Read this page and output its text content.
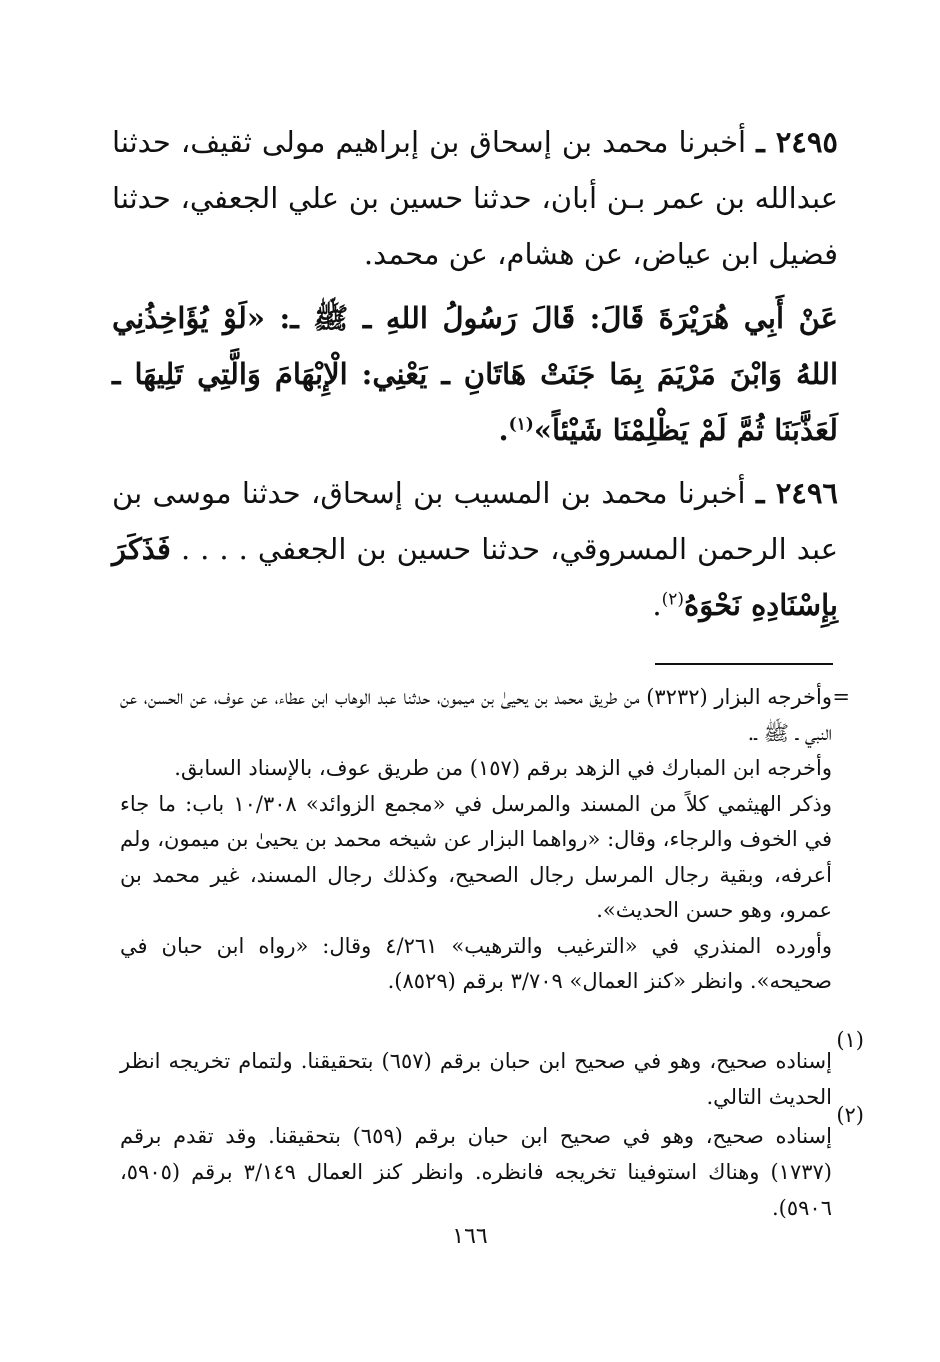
٢٤٩٥ ـ أخبرنا محمد بن إسحاق بن إبراهيم مولى ثقيف، حدثنا عبدالله بن عمر بـن أبان، حدثنا حسين بن علي الجعفي، حدثنا فضيل ابن عياض، عن هشام، عن محمد.

عَنْ أَبِي هُرَيْرَةَ قَالَ: قَالَ رَسُولُ اللهِ ـ ﷺ ـ: «لَوْ يُؤَاخِذُنِي اللهُ وَابْنَ مَرْيَمَ بِمَا جَنَتْ هَاتَانِ ـ يَعْنِي: الْإِبْهَامَ وَالَّتِي تَلِيهَا ـ لَعَذَّبَنَا ثُمَّ لَمْ يَظْلِمْنَا شَيْئاً»$^{(١)}$.

٢٤٩٦ ـ أخبرنا محمد بن المسيب بن إسحاق، حدثنا موسى بن عبد الرحمن المسروقي، حدثنا حسين بن الجعفي . . . . فَذَكَرَ بِإِسْنَادِهِ نَحْوَهُ$^{(٢)}$.

=

وأخرجه البزار (٣٢٣٢) من طريق محمد بن يحيىٰ بن ميمون، حدثنا عبد الوهاب ابن عطاء، عن عوف، عن الحسن، عن النبي ـ ﷺ ـ.

وأخرجه ابن المبارك في الزهد برقم (١٥٧) من طريق عوف، بالإسناد السابق.

وذكر الهيثمي كلاً من المسند والمرسل في «مجمع الزوائد» ١٠/٣٠٨ باب: ما جاء في الخوف والرجاء، وقال: «رواهما البزار عن شيخه محمد بن يحيىٰ بن ميمون، ولم أعرفه، وبقية رجال المرسل رجال الصحيح، وكذلك رجال المسند، غير محمد بن عمرو، وهو حسن الحديث».

وأورده المنذري في «الترغيب والترهيب» ٤/٢٦١ وقال: «رواه ابن حبان في صحيحه». وانظر «كنز العمال» ٣/٧٠٩ برقم (٨٥٢٩).

(١)

إسناده صحيح، وهو في صحيح ابن حبان برقم (٦٥٧) بتحقيقنا. ولتمام تخريجه انظر الحديث التالي.

(٢)

إسناده صحيح، وهو في صحيح ابن حبان برقم (٦٥٩) بتحقيقنا. وقد تقدم برقم (١٧٣٧) وهناك استوفينا تخريجه فانظره. وانظر كنز العمال ٣/١٤٩ برقم (٥٩٠٥، ٥٩٠٦).

١٦٦
